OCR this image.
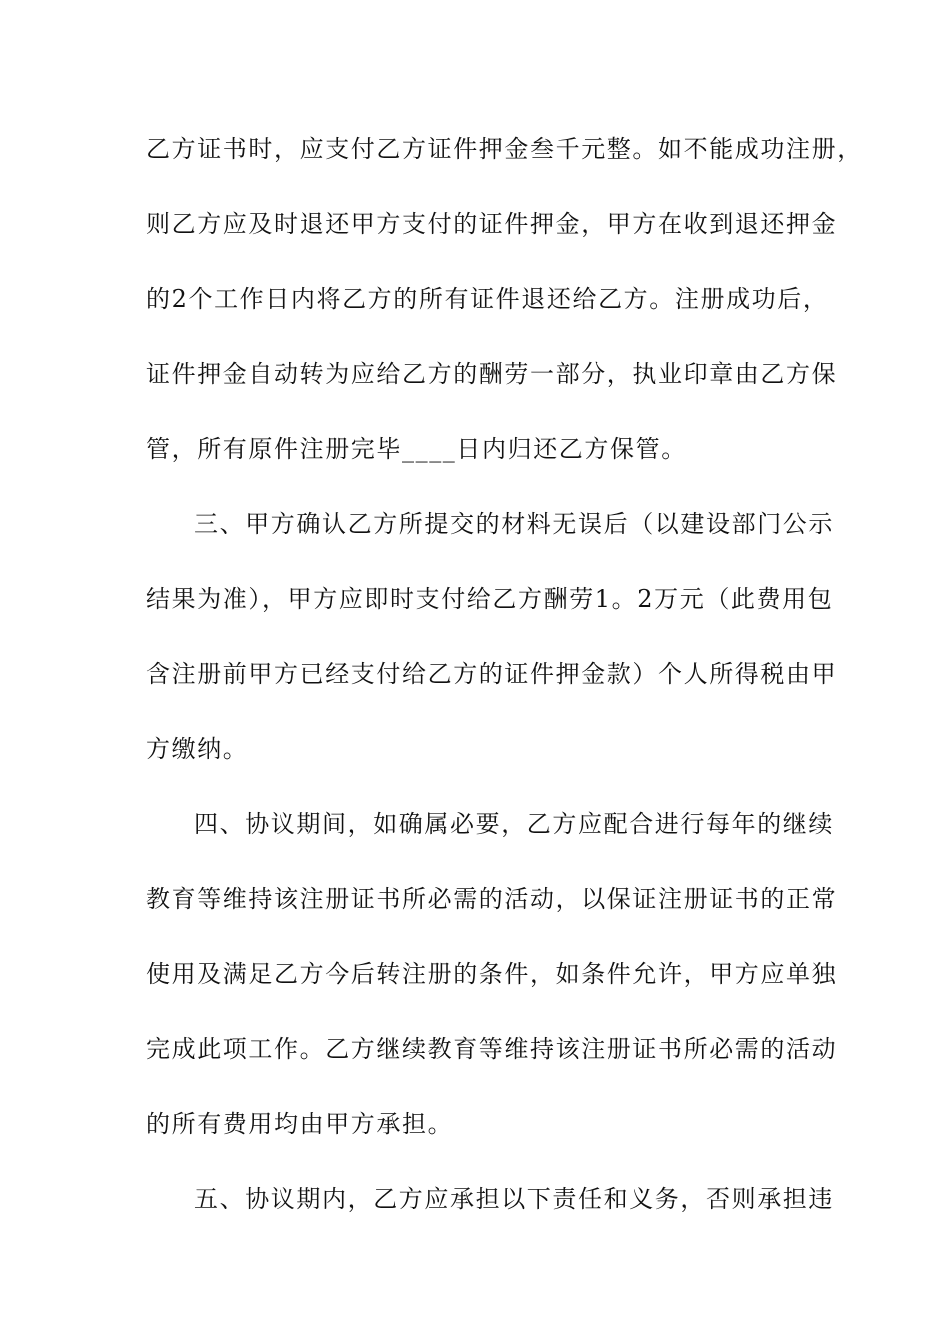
乙方证书时，应支付乙方证件押金叁千元整。如不能成功注册，
则乙方应及时退还甲方支付的证件押金，甲方在收到退还押金
的2个工作日内将乙方的所有证件退还给乙方。注册成功后，
证件押金自动转为应给乙方的酬劳一部分，执业印章由乙方保
管，所有原件注册完毕____日内归还乙方保管。
三、甲方确认乙方所提交的材料无误后（以建设部门公示
结果为准），甲方应即时支付给乙方酬劳1。2万元（此费用包
含注册前甲方已经支付给乙方的证件押金款）个人所得税由甲
方缴纳。
四、协议期间，如确属必要，乙方应配合进行每年的继续
教育等维持该注册证书所必需的活动，以保证注册证书的正常
使用及满足乙方今后转注册的条件，如条件允许，甲方应单独
完成此项工作。乙方继续教育等维持该注册证书所必需的活动
的所有费用均由甲方承担。
五、协议期内，乙方应承担以下责任和义务，否则承担违
